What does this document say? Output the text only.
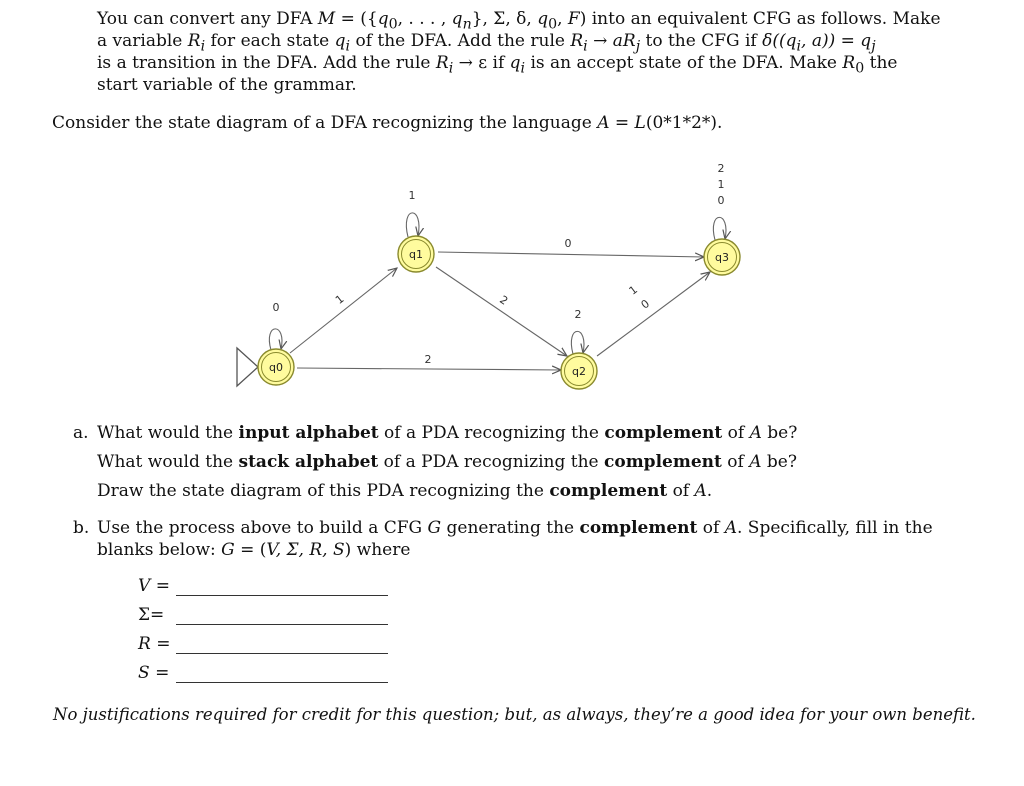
You can convert any DFA $M = (\{q_0$, . . . , $q_n$}, Σ, δ, $q_0$, F) into an equivalent CFG as follows. Make
a variable $R_i$ for each state $q_i$ of the DFA. Add the rule $R_i \to aR_j$ to the CFG if $\delta((q_i$, $a)) = q_j$
is a transition in the DFA. Add the rule $R_i \to \varepsilon$ if $q_i$ is an accept state of the DFA. Make $R_0$ the
start variable of the grammar.
Consider the state diagram of a DFA recognizing the language A = L(0*1*2*).
q0
q1
q2
q3
0
1
2
2
1
0
1
2
2
0
1
0
a. What would the input alphabet of a PDA recognizing the complement of A be?
What would the stack alphabet of a PDA recognizing the complement of A be?
Draw the state diagram of this PDA recognizing the complement of A.
b. Use the process above to build a CFG G generating the complement of A. Specifically, fill in the
blanks below: G = (V, Σ, R, S) where
V =
Σ=
R =
S =
No justifications required for credit for this question; but, as always, they’re a good idea for your own benefit.
